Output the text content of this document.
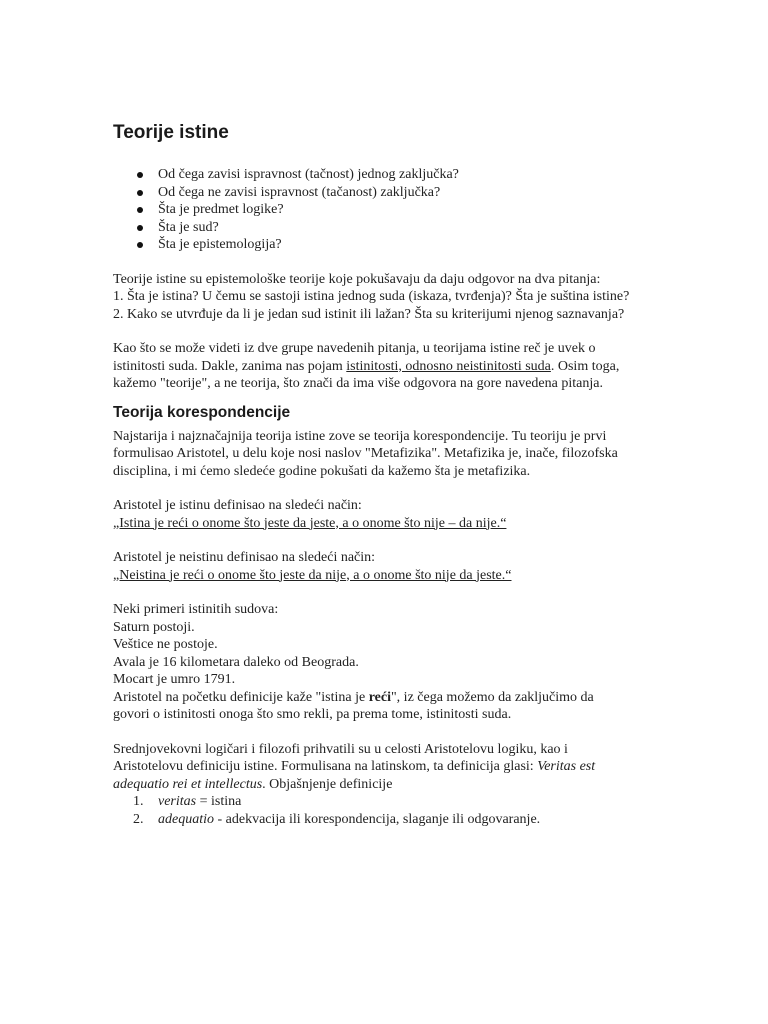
Teorije istine
Od čega zavisi ispravnost (tačnost) jednog zaključka?
Od čega ne zavisi ispravnost (tačanost) zaključka?
Šta je predmet logike?
Šta je sud?
Šta je epistemologija?

Teorije istine su epistemološke teorije koje pokušavaju da daju odgovor na dva pitanja:

1. Šta je istina? U čemu se sastoji istina jednog suda (iskaza, tvrđenja)? Šta je suština istine?

2. Kako se utvrđuje da li je jedan sud istinit ili lažan? Šta su kriterijumi njenog saznavanja?

Kao što se može videti iz dve grupe navedenih pitanja, u teorijama istine reč je uvek o istinitosti suda. Dakle, zanima nas pojam istinitosti, odnosno neistinitosti suda. Osim toga, kažemo "teorije", a ne teorija, što znači da ima više odgovora na gore navedena pitanja.

Teorija korespondencije

Najstarija i najznačajnija teorija istine zove se teorija korespondencije. Tu teoriju je prvi formulisao Aristotel, u delu koje nosi naslov "Metafizika". Metafizika je, inače, filozofska disciplina, i mi ćemo sledeće godine pokušati da kažemo šta je metafizika.

Aristotel je istinu definisao na sledeći način:

„Istina je reći o onome što jeste da jeste, a o onome što nije – da nije.“

Aristotel je neistinu definisao na sledeći način:

„Neistina je reći o onome što jeste da nije, a o onome što nije da jeste.“

Neki primeri istinitih sudova:

Saturn postoji.

Veštice ne postoje.

Avala je 16 kilometara daleko od Beograda.

Mocart je umro 1791.

Aristotel na početku definicije kaže "istina je reći", iz čega možemo da zaključimo da govori o istinitosti onoga što smo rekli, pa prema tome, istinitosti suda.

Srednjovekovni logičari i filozofi prihvatili su u celosti Aristotelovu logiku, kao i Aristotelovu definiciju istine. Formulisana na latinskom, ta definicija glasi: Veritas est adequatio rei et intellectus. Objašnjenje definicije

1. veritas = istina
2. adequatio - adekvacija ili korespondencija, slaganje ili odgovaranje.
